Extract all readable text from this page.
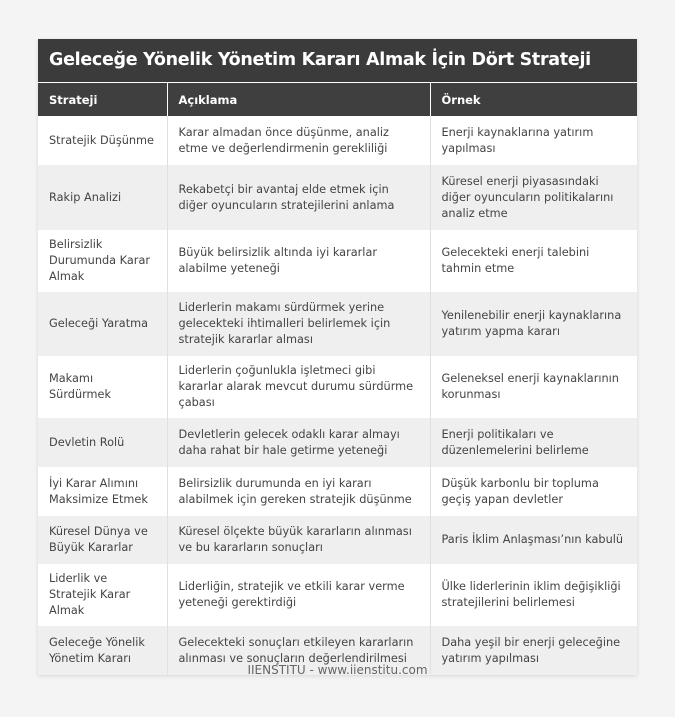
Geleceğe Yönelik Yönetim Kararı Almak İçin Dört Strateji
Strateji	Açıklama	Örnek
Stratejik Düşünme	Karar almadan önce düşünme, analiz etme ve değerlendirmenin gerekliliği	Enerji kaynaklarına yatırım yapılması
Rakip Analizi	Rekabetçi bir avantaj elde etmek için diğer oyuncuların stratejilerini anlama	Küresel enerji piyasasındaki diğer oyuncuların politikalarını analiz etme
Belirsizlik Durumunda Karar Almak	Büyük belirsizlik altında iyi kararlar alabilme yeteneği	Gelecekteki enerji talebini tahmin etme
Geleceği Yaratma	Liderlerin makamı sürdürmek yerine gelecekteki ihtimalleri belirlemek için stratejik kararlar alması	Yenilenebilir enerji kaynaklarına yatırım yapma kararı
Makamı Sürdürmek	Liderlerin çoğunlukla işletmeci gibi kararlar alarak mevcut durumu sürdürme çabası	Geleneksel enerji kaynaklarının korunması
Devletin Rolü	Devletlerin gelecek odaklı karar almayı daha rahat bir hale getirme yeteneği	Enerji politikaları ve düzenlemelerini belirleme
İyi Karar Alımını Maksimize Etmek	Belirsizlik durumunda en iyi kararı alabilmek için gereken stratejik düşünme	Düşük karbonlu bir topluma geçiş yapan devletler
Küresel Dünya ve Büyük Kararlar	Küresel ölçekte büyük kararların alınması ve bu kararların sonuçları	Paris İklim Anlaşması’nın kabulü
Liderlik ve Stratejik Karar Almak	Liderliğin, stratejik ve etkili karar verme yeteneği gerektirdiği	Ülke liderlerinin iklim değişikliği stratejilerini belirlemesi
Geleceğe Yönelik Yönetim Kararı	Gelecekteki sonuçları etkileyen kararların alınması ve sonuçların değerlendirilmesi	Daha yeşil bir enerji geleceğine yatırım yapılması
IIENSTITU - www.iienstitu.com
